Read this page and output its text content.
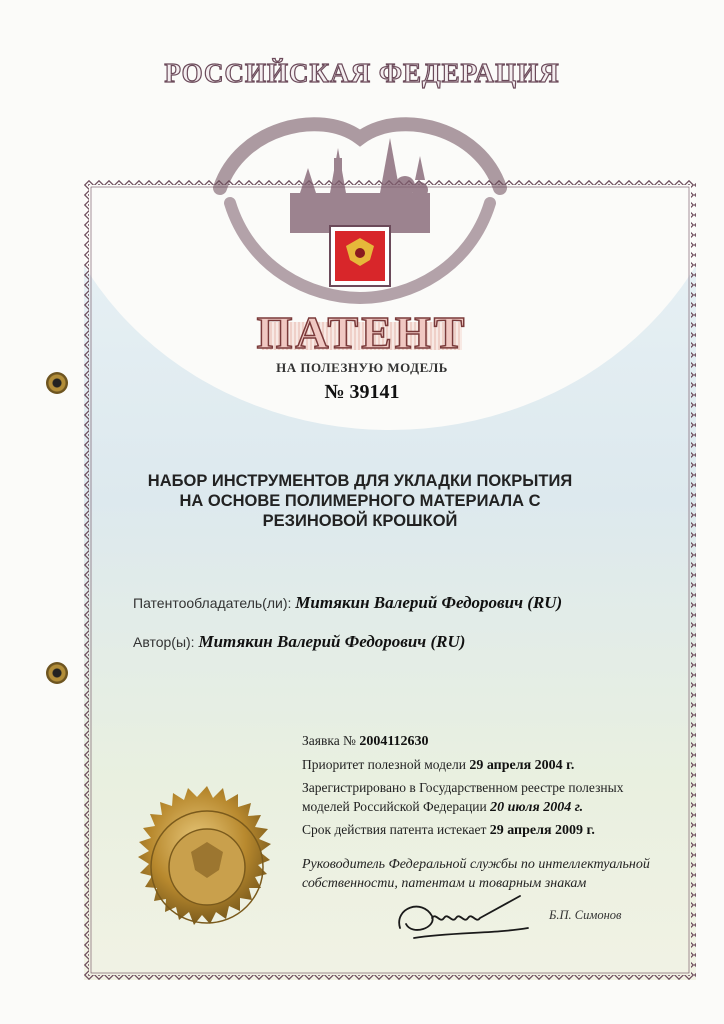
РОССИЙСКАЯ ФЕДЕРАЦИЯ
ПАТЕНТ
НА ПОЛЕЗНУЮ МОДЕЛЬ
№ 39141
НАБОР ИНСТРУМЕНТОВ ДЛЯ УКЛАДКИ ПОКРЫТИЯ
НА ОСНОВЕ ПОЛИМЕРНОГО МАТЕРИАЛА С
РЕЗИНОВОЙ КРОШКОЙ
Патентообладатель(ли): Митякин Валерий Федорович (RU)
Автор(ы): Митякин Валерий Федорович (RU)
Заявка № 2004112630
Приоритет полезной модели 29 апреля 2004 г.
Зарегистрировано в Государственном реестре полезных
моделей Российской Федерации 20 июля 2004 г.
Срок действия патента истекает 29 апреля 2009 г.
Руководитель Федеральной службы по интеллектуальной
собственности, патентам и товарным знакам
Б.П. Симонов
